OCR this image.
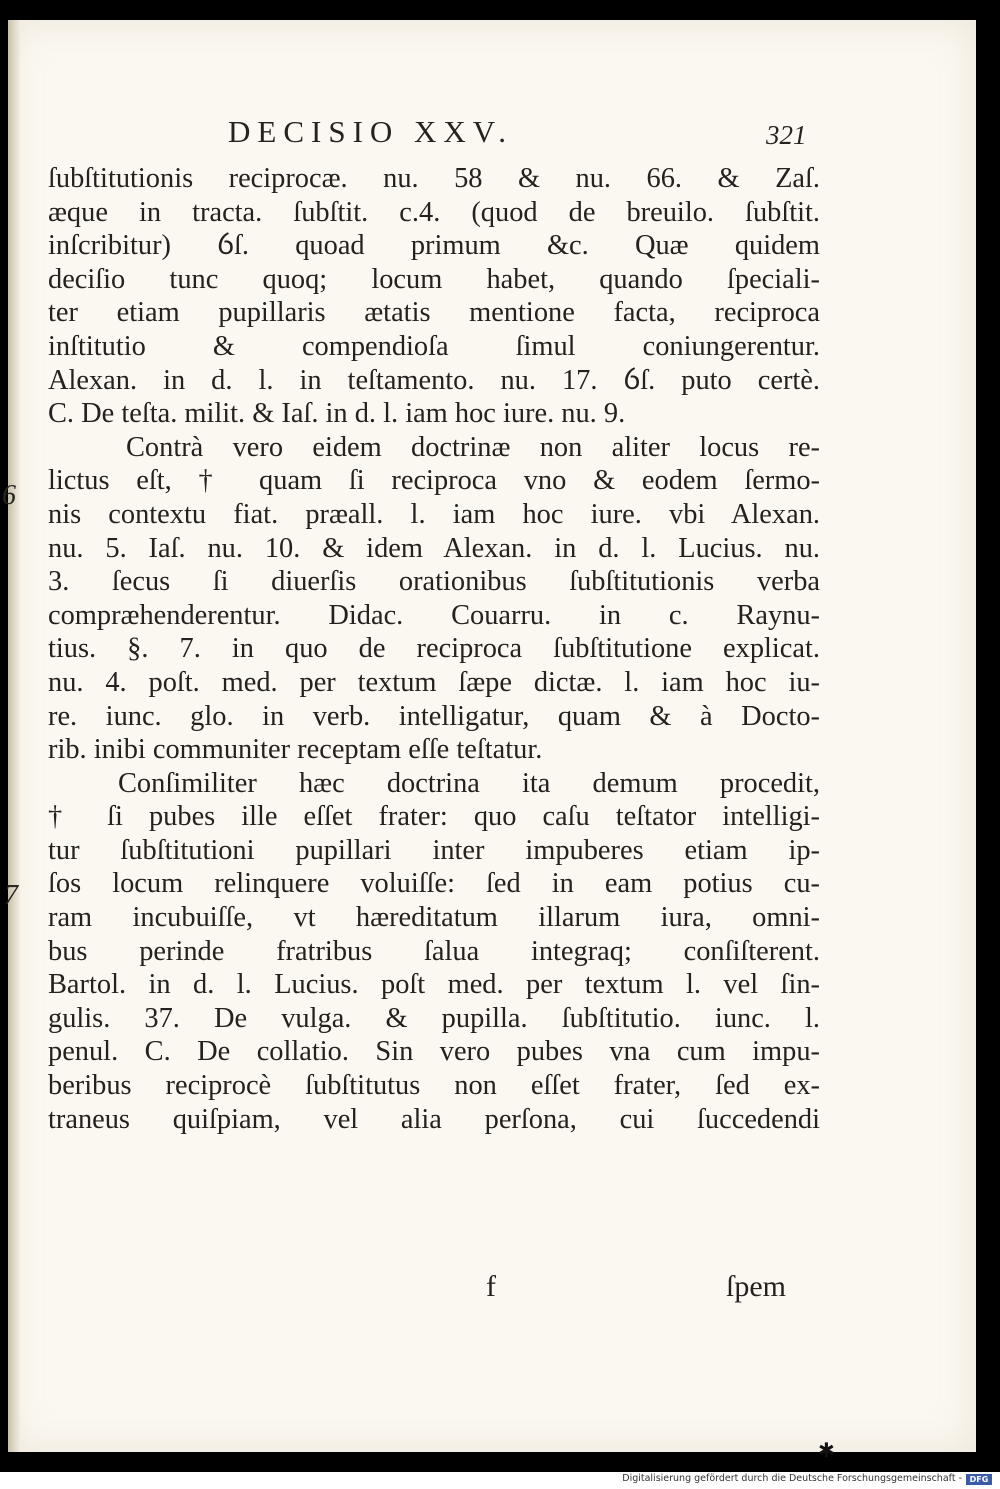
DECISIO XXV.	321
ſubſtitutionis reciprocæ. nu. 58 & nu. 66. & Zaſ.
æque in tracta. ſubſtit. c.4. (quod de breuilo. ſubſtit.
inſcribitur) ỽſ. quoad primum &c. Quæ quidem
deciſio tunc quoq; locum habet, quando ſpeciali-
ter etiam pupillaris ætatis mentione facta, reciproca
inſtitutio & compendioſa ſimul coniungerentur.
Alexan. in d. l. in teſtamento. nu. 17. ỽſ. puto certè.
C. De teſta. milit. & Iaſ. in d. l. iam hoc iure. nu. 9.
Contrà vero eidem doctrinæ non aliter locus re-
lictus eſt, † quam ſi reciproca vno & eodem ſermo-
nis contextu fiat. præall. l. iam hoc iure. vbi Alexan.
nu. 5. Iaſ. nu. 10. & idem Alexan. in d. l. Lucius. nu.
3. ſecus ſi diuerſis orationibus ſubſtitutionis verba
compræhenderentur. Didac. Couarru. in c. Raynu-
tius. §. 7. in quo de reciproca ſubſtitutione explicat.
nu. 4. poſt. med. per textum ſæpe dictæ. l. iam hoc iu-
re. iunc. glo. in verb. intelligatur, quam & à Docto-
rib. inibi communiter receptam eſſe teſtatur.
Conſimiliter hæc doctrina ita demum procedit,
† ſi pubes ille eſſet frater: quo caſu teſtator intelligi-
tur ſubſtitutioni pupillari inter impuberes etiam ip-
ſos locum relinquere voluiſſe: ſed in eam potius cu-
ram incubuiſſe, vt hæreditatum illarum iura, omni-
bus perinde fratribus ſalua integraq; conſiſterent.
Bartol. in d. l. Lucius. poſt med. per textum l. vel ſin-
gulis. 37. De vulga. & pupilla. ſubſtitutio. iunc. l.
penul. C. De collatio. Sin vero pubes vna cum impu-
beribus reciprocè ſubſtitutus non eſſet frater, ſed ex-
traneus quiſpiam, vel alia perſona, cui ſuccedendi
6
7
f	ſpem
✱
Digitalisierung gefördert durch die Deutsche Forschungsgemeinschaft - DFG
